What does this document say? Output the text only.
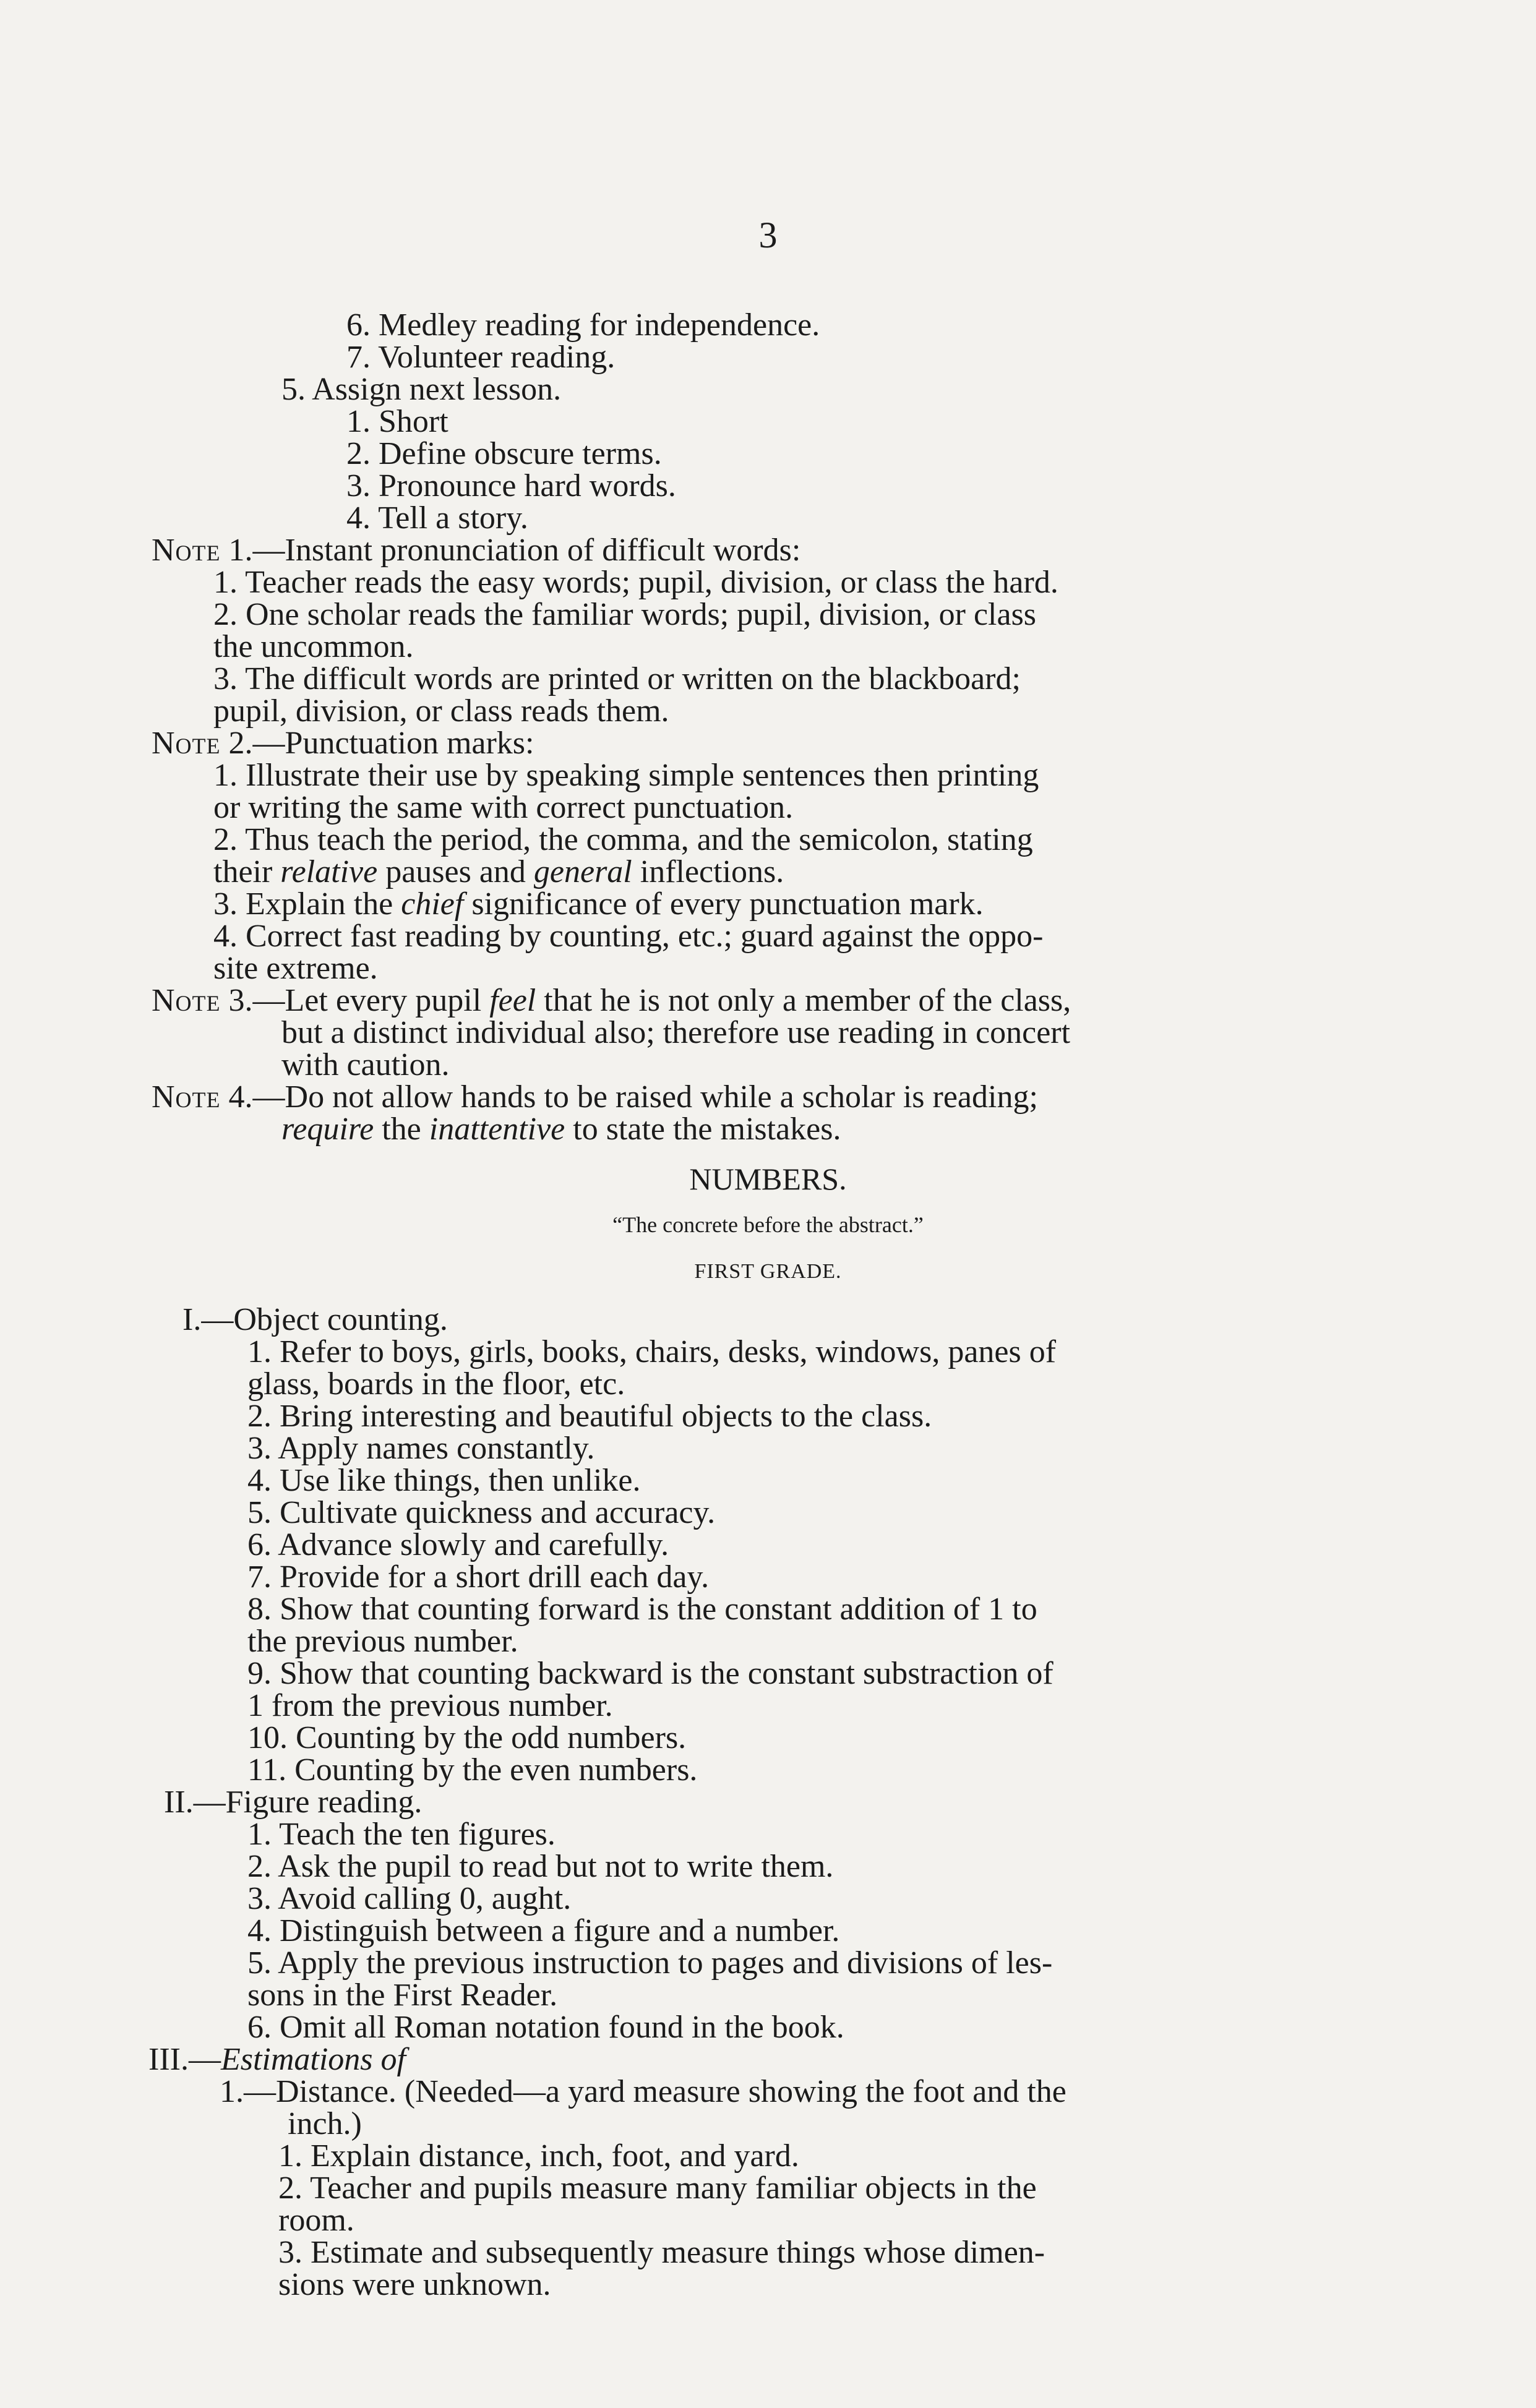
3
6. Medley reading for independence.
7. Volunteer reading.
5. Assign next lesson.
1. Short
2. Define obscure terms.
3. Pronounce hard words.
4. Tell a story.
Note 1.—Instant pronunciation of difficult words:
1. Teacher reads the easy words; pupil, division, or class the hard.
2. One scholar reads the familiar words; pupil, division, or class
the uncommon.
3. The difficult words are printed or written on the blackboard;
pupil, division, or class reads them.
Note 2.—Punctuation marks:
1. Illustrate their use by speaking simple sentences then printing
or writing the same with correct punctuation.
2. Thus teach the period, the comma, and the semicolon, stating
their relative pauses and general inflections.
3. Explain the chief significance of every punctuation mark.
4. Correct fast reading by counting, etc.; guard against the oppo-
site extreme.
Note 3.—Let every pupil feel that he is not only a member of the class,
but a distinct individual also; therefore use reading in concert
with caution.
Note 4.—Do not allow hands to be raised while a scholar is reading;
require the inattentive to state the mistakes.
NUMBERS.
“The concrete before the abstract.”
FIRST GRADE.
I.—Object counting.
1. Refer to boys, girls, books, chairs, desks, windows, panes of
glass, boards in the floor, etc.
2. Bring interesting and beautiful objects to the class.
3. Apply names constantly.
4. Use like things, then unlike.
5. Cultivate quickness and accuracy.
6. Advance slowly and carefully.
7. Provide for a short drill each day.
8. Show that counting forward is the constant addition of 1 to
the previous number.
9. Show that counting backward is the constant substraction of
1 from the previous number.
10. Counting by the odd numbers.
11. Counting by the even numbers.
II.—Figure reading.
1. Teach the ten figures.
2. Ask the pupil to read but not to write them.
3. Avoid calling 0, aught.
4. Distinguish between a figure and a number.
5. Apply the previous instruction to pages and divisions of les-
sons in the First Reader.
6. Omit all Roman notation found in the book.
III.—Estimations of
1.—Distance. (Needed—a yard measure showing the foot and the
inch.)
1. Explain distance, inch, foot, and yard.
2. Teacher and pupils measure many familiar objects in the
room.
3. Estimate and subsequently measure things whose dimen-
sions were unknown.
